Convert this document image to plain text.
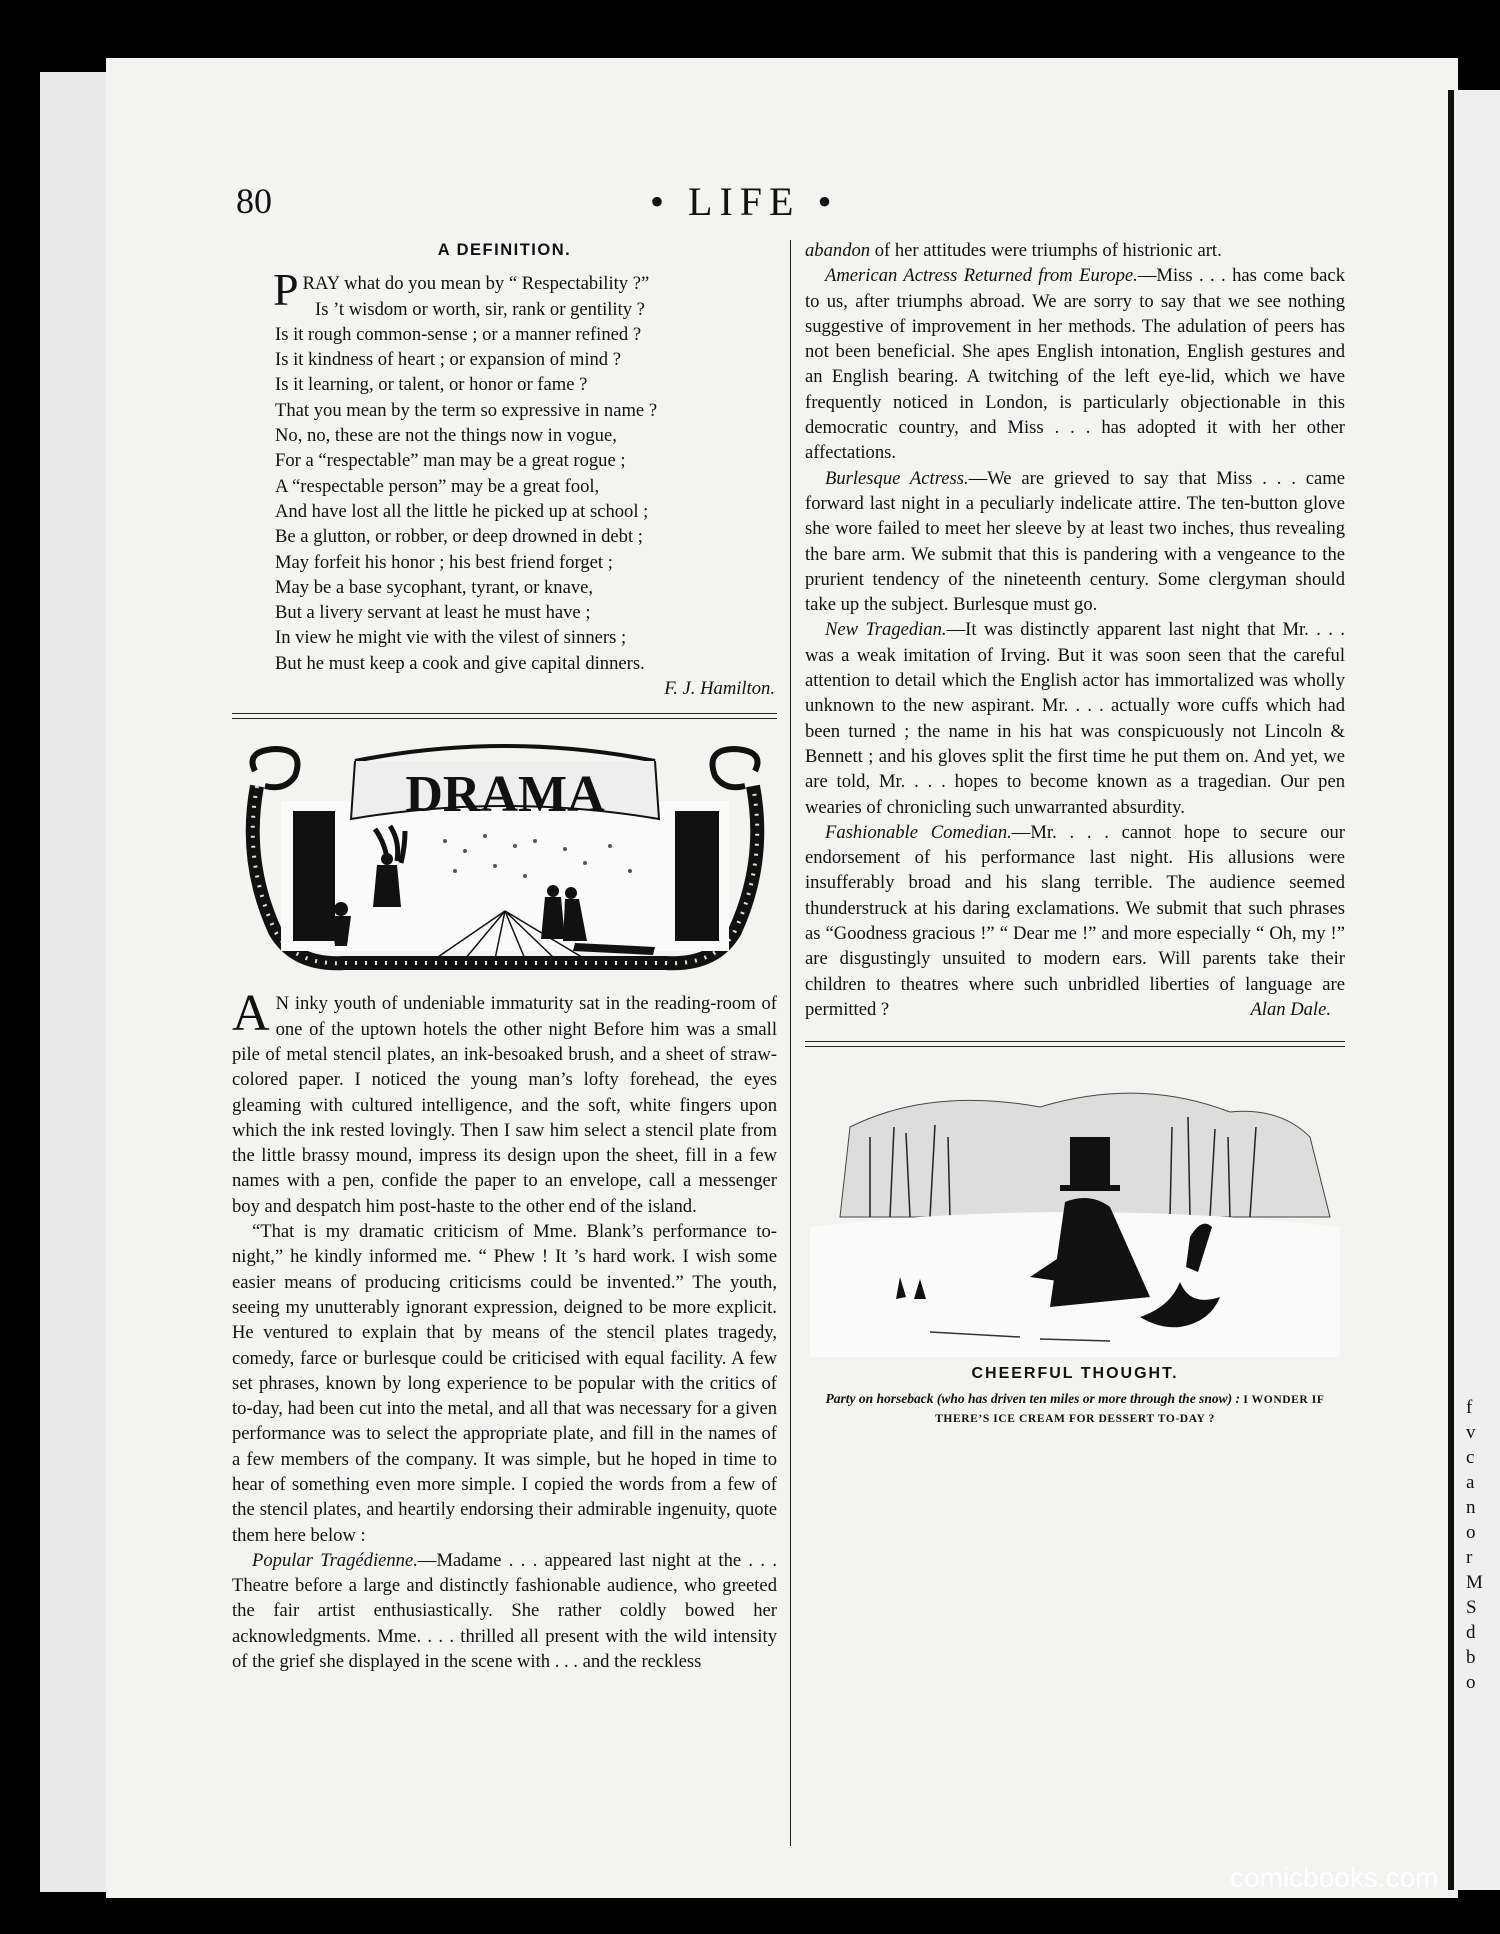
f
v
c
a
n
o
r
M
S
d
b
o
80	• LIFE •
A DEFINITION.
PRAY what do you mean by “ Respectability ?”
Is ’t wisdom or worth, sir, rank or gentility ?
Is it rough common-sense ; or a manner refined ?
Is it kindness of heart ; or expansion of mind ?
Is it learning, or talent, or honor or fame ?
That you mean by the term so expressive in name ?
No, no, these are not the things now in vogue,
For a “respectable” man may be a great rogue ;
A “respectable person” may be a great fool,
And have lost all the little he picked up at school ;
Be a glutton, or robber, or deep drowned in debt ;
May forfeit his honor ; his best friend forget ;
May be a base sycophant, tyrant, or knave,
But a livery servant at least he must have ;
In view he might vie with the vilest of sinners ;
But he must keep a cook and give capital dinners.
F. J. Hamilton.
DRAMA

A N inky youth of undeniable immaturity sat in the reading-room of one of the uptown hotels the other night Before him was a small pile of metal stencil plates, an ink-besoaked brush, and a sheet of straw-colored paper. I noticed the young man’s lofty forehead, the eyes gleaming with cultured intelligence, and the soft, white fingers upon which the ink rested lovingly. Then I saw him select a stencil plate from the little brassy mound, impress its design upon the sheet, fill in a few names with a pen, confide the paper to an envelope, call a messenger boy and despatch him post-haste to the other end of the island.

“That is my dramatic criticism of Mme. Blank’s performance to-night,” he kindly informed me. “ Phew ! It ’s hard work. I wish some easier means of producing criticisms could be invented.” The youth, seeing my unutterably ignorant expression, deigned to be more explicit. He ventured to explain that by means of the stencil plates tragedy, comedy, farce or burlesque could be criticised with equal facility. A few set phrases, known by long experience to be popular with the critics of to-day, had been cut into the metal, and all that was necessary for a given performance was to select the appropriate plate, and fill in the names of a few members of the company. It was simple, but he hoped in time to hear of something even more simple. I copied the words from a few of the stencil plates, and heartily endorsing their admirable ingenuity, quote them here below :

Popular Tragédienne.—Madame . . . appeared last night at the . . . Theatre before a large and distinctly fashionable audience, who greeted the fair artist enthusiastically. She rather coldly bowed her acknowledgments. Mme. . . . thrilled all present with the wild intensity of the grief she displayed in the scene with . . . and the reckless

abandon of her attitudes were triumphs of histrionic art.

American Actress Returned from Europe.—Miss . . . has come back to us, after triumphs abroad. We are sorry to say that we see nothing suggestive of improvement in her methods. The adulation of peers has not been beneficial. She apes English intonation, English gestures and an English bearing. A twitching of the left eye-lid, which we have frequently noticed in London, is particularly objectionable in this democratic country, and Miss . . . has adopted it with her other affectations.

Burlesque Actress.—We are grieved to say that Miss . . . came forward last night in a peculiarly indelicate attire. The ten-button glove she wore failed to meet her sleeve by at least two inches, thus revealing the bare arm. We submit that this is pandering with a vengeance to the prurient tendency of the nineteenth century. Some clergyman should take up the subject. Burlesque must go.

New Tragedian.—It was distinctly apparent last night that Mr. . . . was a weak imitation of Irving. But it was soon seen that the careful attention to detail which the English actor has immortalized was wholly unknown to the new aspirant. Mr. . . . actually wore cuffs which had been turned ; the name in his hat was conspicuously not Lincoln & Bennett ; and his gloves split the first time he put them on. And yet, we are told, Mr. . . . hopes to become known as a tragedian. Our pen wearies of chronicling such unwarranted absurdity.

Fashionable Comedian.—Mr. . . . cannot hope to secure our endorsement of his performance last night. His allusions were insufferably broad and his slang terrible. The audience seemed thunderstruck at his daring exclamations. We submit that such phrases as “Goodness gracious !” “ Dear me !” and more especially “ Oh, my !” are disgustingly unsuited to modern ears. Will parents take their children to theatres where such unbridled liberties of language are permitted ?	Alan Dale.
CHEERFUL THOUGHT.
Party on horseback (who has driven ten miles or more through the snow) : I WONDER IF THERE’S ICE CREAM FOR DESSERT TO-DAY ?
comicbooks.com
